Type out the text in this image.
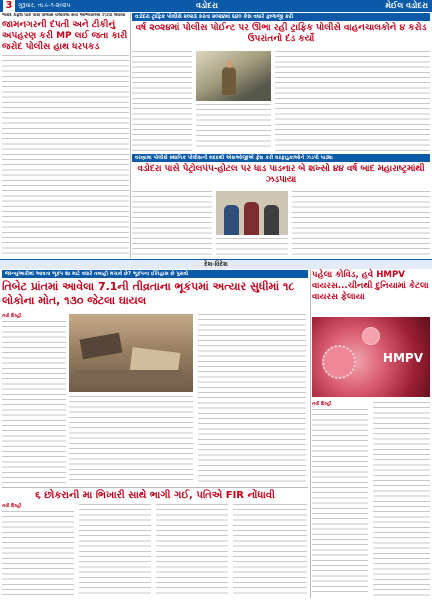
3 ગુરૂવાર, તા.૯-૧-૨૦૨૫	વડોદરા	મેઈલ વડોદરા
જરોદ કેફ્રેશ પાર્ક પાસે પોલીસે ચલાવેલી સર્ચ અભિયાનમાં ઝડપી લેવાયા
જામનગરની દંપતી અને ટીકીનું અપહરણ કરી MP લઈ જતા કારી જરોદ પોલીસ હાથ ધરપકડ
વડોદરા ટ્રાફિક પોલીસે ૨૦૨૩ કરતા ૨૦૨૪માં ૬૪૦ કેસ વધારે ફાળાજી કરી
વર્ષ ૨૦૨૪માં પોલીસ પોઈન્ટ પર ઊભા રહી ટ્રાફિક પોલીસે વાહનચાલકોને ૪ કરોડ ઉપરાંતનો દંડ કર્યો
વરણામા પોલીસે સ્થાનિક પોલીસની મદદથી એસઓજીએ ફેસ કરી ઘરફાડુકાઓને ઝડપી પાડ્યા
વડોદરા પાસે પેટ્રોલપંપ-હોટલ પર ધાડ પાડનાર બે શખ્સો ૪૪ વર્ષ બાદ મહારાષ્ટ્રમાંથી ઝડપાયા
દેશ-વિદેશ
જાન્યુઆરીમાં આવતા ભૂકંપ શા માટે વધારે તબાહી મચાવે છે? ભૂકંપના ઈતિહાસ છે પુરાવો
તિબેટ પ્રાંતમાં આવેલા 7.1ની તીવ્રતાના ભૂકંપમાં અત્યાર સુધીમાં ૧૮ લોકોના મોત, ૧૩૦ જેટલા ઘાયલ
નવી દિલ્હી
પહેલા કોવિડ, હવે HMPV વાયરસ...ચીનથી દુનિયામાં કેટલા વાયરસ ફેલાયા
HMPV
નવી દિલ્હી
૬ છોકરાની મા ભિખારી સાથે ભાગી ગઈ, પતિએ FIR નોંધાવી
નવી દિલ્હી
